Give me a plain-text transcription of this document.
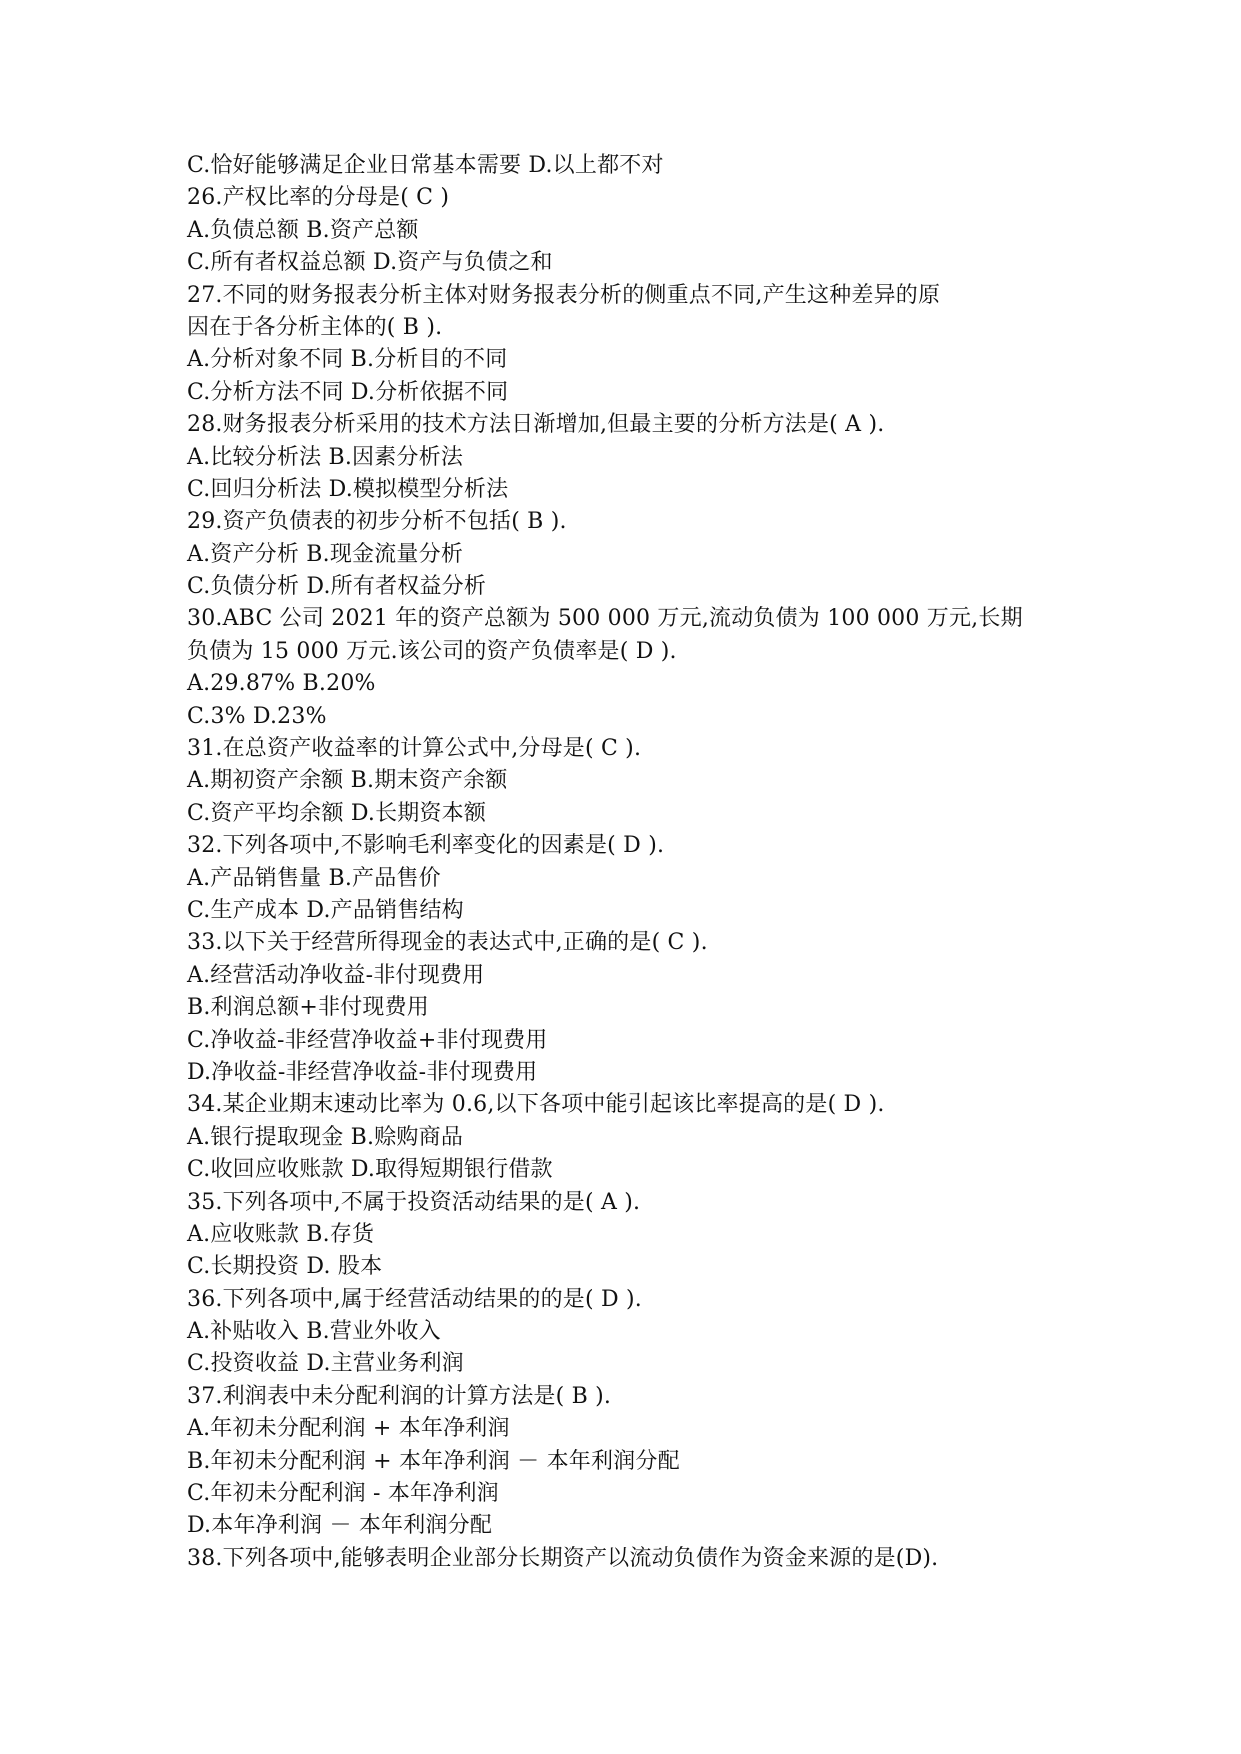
C.恰好能够满足企业日常基本需要 D.以上都不对
26.产权比率的分母是( C )
A.负债总额 B.资产总额
C.所有者权益总额 D.资产与负债之和
27.不同的财务报表分析主体对财务报表分析的侧重点不同,产生这种差异的原
因在于各分析主体的( B ).
A.分析对象不同 B.分析目的不同
C.分析方法不同 D.分析依据不同
28.财务报表分析采用的技术方法日渐增加,但最主要的分析方法是( A ).
A.比较分析法 B.因素分析法
C.回归分析法 D.模拟模型分析法
29.资产负债表的初步分析不包括( B ).
A.资产分析 B.现金流量分析
C.负债分析 D.所有者权益分析
30.ABC 公司 2021 年的资产总额为 500 000 万元,流动负债为 100 000 万元,长期
负债为 15 000 万元.该公司的资产负债率是( D ).
A.29.87% B.20%
C.3% D.23%
31.在总资产收益率的计算公式中,分母是( C ).
A.期初资产余额 B.期末资产余额
C.资产平均余额 D.长期资本额
32.下列各项中,不影响毛利率变化的因素是( D ).
A.产品销售量 B.产品售价
C.生产成本 D.产品销售结构
33.以下关于经营所得现金的表达式中,正确的是( C ).
A.经营活动净收益-非付现费用
B.利润总额+非付现费用
C.净收益-非经营净收益+非付现费用
D.净收益-非经营净收益-非付现费用
34.某企业期末速动比率为 0.6,以下各项中能引起该比率提高的是( D ).
A.银行提取现金 B.赊购商品
C.收回应收账款 D.取得短期银行借款
35.下列各项中,不属于投资活动结果的是( A ).
A.应收账款 B.存货
C.长期投资 D. 股本
36.下列各项中,属于经营活动结果的的是( D ).
A.补贴收入 B.营业外收入
C.投资收益 D.主营业务利润
37.利润表中未分配利润的计算方法是( B ).
A.年初未分配利润 + 本年净利润
B.年初未分配利润 + 本年净利润 － 本年利润分配
C.年初未分配利润 - 本年净利润
D.本年净利润 － 本年利润分配
38.下列各项中,能够表明企业部分长期资产以流动负债作为资金来源的是(D).
